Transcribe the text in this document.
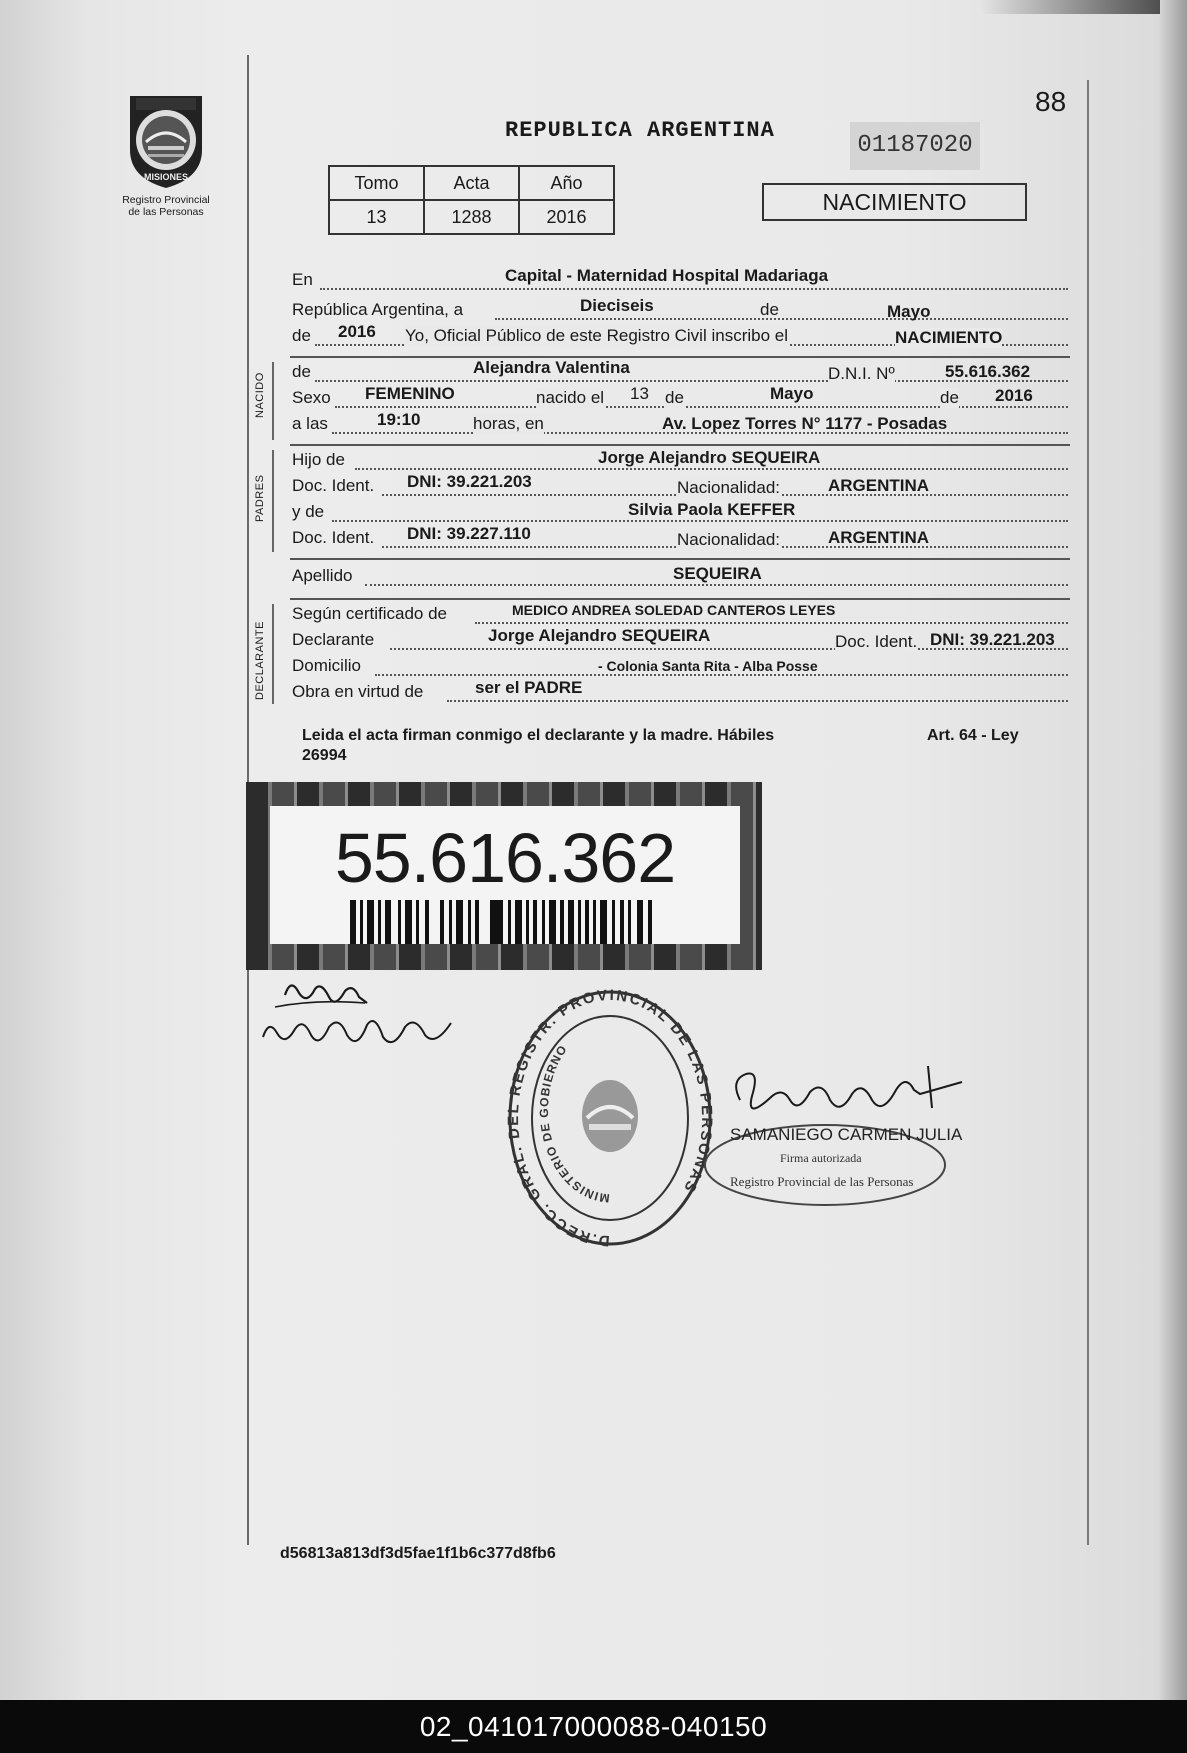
MISIONES
Registro Provincial
de las Personas
88
REPUBLICA ARGENTINA
01187020
Tomo	Acta	Año
13	1288	2016
NACIMIENTO
En	Capital - Maternidad Hospital Madariaga
República Argentina, a	Dieciseis	de	Mayo
de 2016 Yo, Oficial Público de este Registro Civil inscribo el	NACIMIENTO
de	Alejandra Valentina	D.N.I. Nº	55.616.362
Sexo FEMENINO	nacido el 13 de	Mayo	de 2016
a las	19:10	horas, en	Av. Lopez Torres N° 1177 - Posadas
Hijo de	Jorge Alejandro SEQUEIRA
Doc. Ident. DNI: 39.221.203	Nacionalidad:	ARGENTINA
y de	Silvia Paola KEFFER
Doc. Ident. DNI: 39.227.110	Nacionalidad:	ARGENTINA
Apellido	SEQUEIRA
Según certificado de	MEDICO ANDREA SOLEDAD CANTEROS LEYES
Declarante	Jorge Alejandro SEQUEIRA	Doc. Ident. DNI: 39.221.203
Domicilio	- Colonia Santa Rita - Alba Posse
Obra en virtud de	ser el PADRE
NACIDO
PADRES
DECLARANTE
Leida el acta firman conmigo el declarante y la madre. Hábiles
26994
Art. 64 - Ley
55.616.362
D.RECC. GRAL. DEL REGISTR. PROVINCIAL DE LAS PERSONAS
MINISTERIO DE GOBIERNO
SAMANIEGO CARMEN JULIA
Firma autorizada
Registro Provincial de las Personas
d56813a813df3d5fae1f1b6c377d8fb6
02_041017000088-040150
